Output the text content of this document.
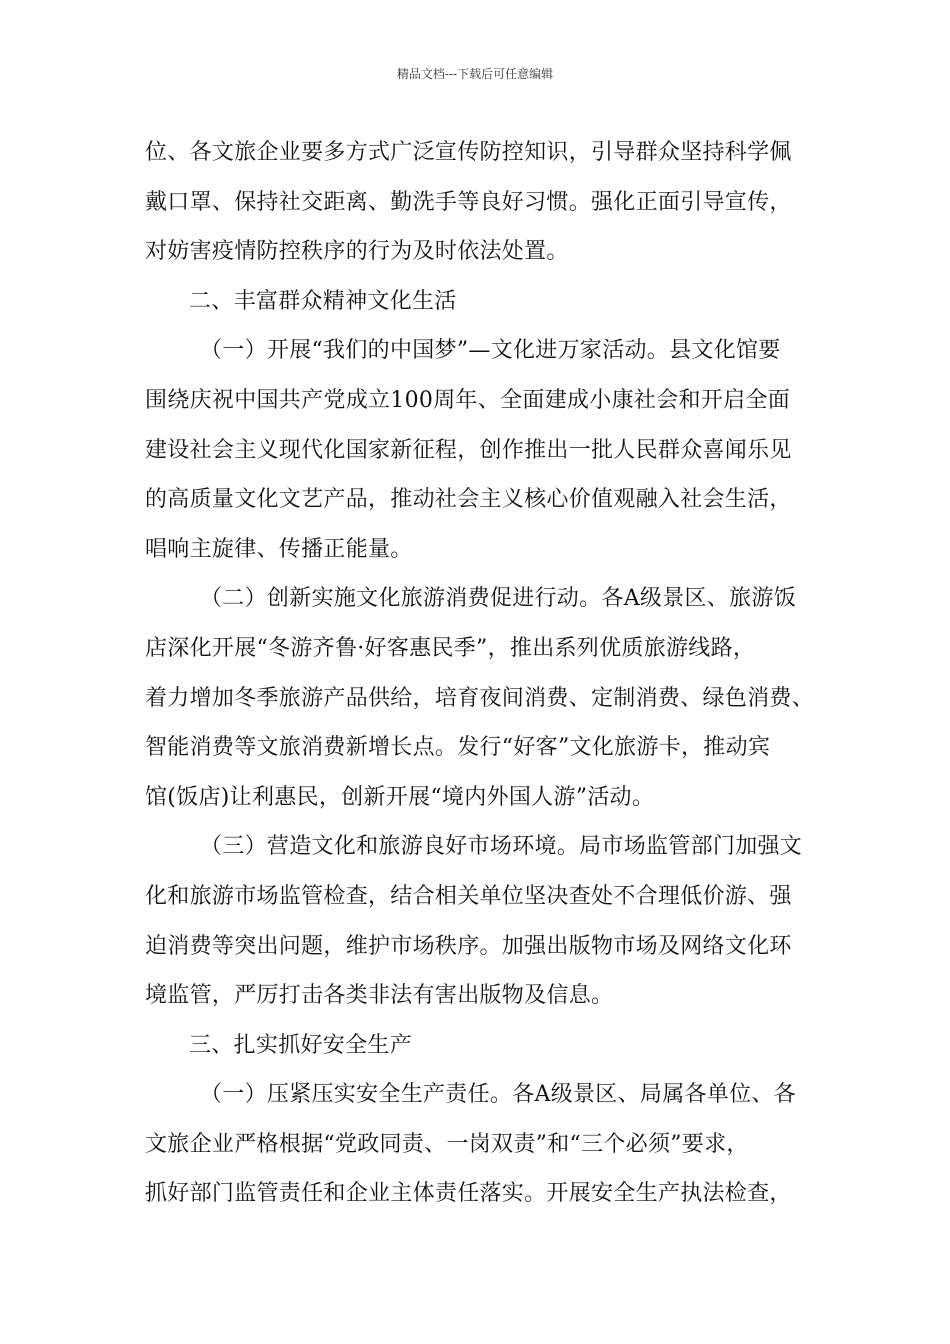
精品文档---下载后可任意编辑
位、各文旅企业要多方式广泛宣传防控知识，引导群众坚持科学佩
戴口罩、保持社交距离、勤洗手等良好习惯。强化正面引导宣传，
对妨害疫情防控秩序的行为及时依法处置。
二、丰富群众精神文化生活
（一）开展“我们的中国梦”—文化进万家活动。县文化馆要
围绕庆祝中国共产党成立100周年、全面建成小康社会和开启全面
建设社会主义现代化国家新征程，创作推出一批人民群众喜闻乐见
的高质量文化文艺产品，推动社会主义核心价值观融入社会生活，
唱响主旋律、传播正能量。
（二）创新实施文化旅游消费促进行动。各A级景区、旅游饭
店深化开展“冬游齐鲁·好客惠民季”，推出系列优质旅游线路，
着力增加冬季旅游产品供给，培育夜间消费、定制消费、绿色消费、
智能消费等文旅消费新增长点。发行“好客”文化旅游卡，推动宾
馆(饭店)让利惠民，创新开展“境内外国人游”活动。
（三）营造文化和旅游良好市场环境。局市场监管部门加强文
化和旅游市场监管检查，结合相关单位坚决查处不合理低价游、强
迫消费等突出问题，维护市场秩序。加强出版物市场及网络文化环
境监管，严厉打击各类非法有害出版物及信息。
三、扎实抓好安全生产
（一）压紧压实安全生产责任。各A级景区、局属各单位、各
文旅企业严格根据“党政同责、一岗双责”和“三个必须”要求，
抓好部门监管责任和企业主体责任落实。开展安全生产执法检查，
